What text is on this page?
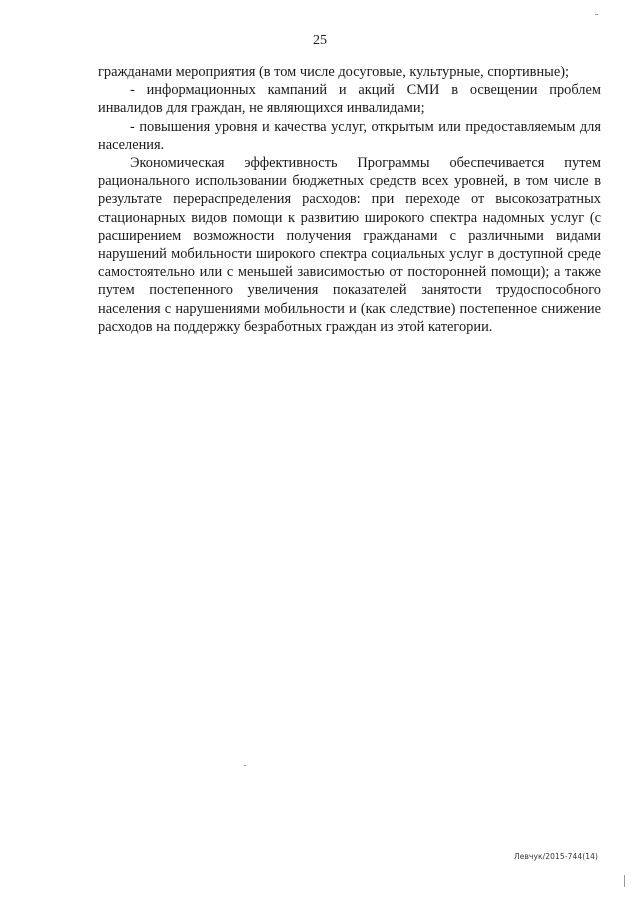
25

гражданами мероприятия (в том числе досуговые, культурные, спортивные);

- информационных кампаний и акций СМИ в освещении проблем инвалидов для граждан, не являющихся инвалидами;

- повышения уровня и качества услуг, открытым или предоставляемым для населения.

Экономическая эффективность Программы обеспечивается путем рационального использовании бюджетных средств всех уровней, в том числе в результате перераспределения расходов: при переходе от высокозатратных стационарных видов помощи к развитию широкого спектра надомных услуг (с расширением возможности получения гражданами с различными видами нарушений мобильности широкого спектра социальных услуг в доступной среде самостоятельно или с меньшей зависимостью от посторонней помощи); а также путем постепенного увеличения показателей занятости трудоспособного населения с нарушениями мобильности и (как следствие) постепенное снижение расходов на поддержку безработных граждан из этой категории.

Левчук/2015-744(14)
